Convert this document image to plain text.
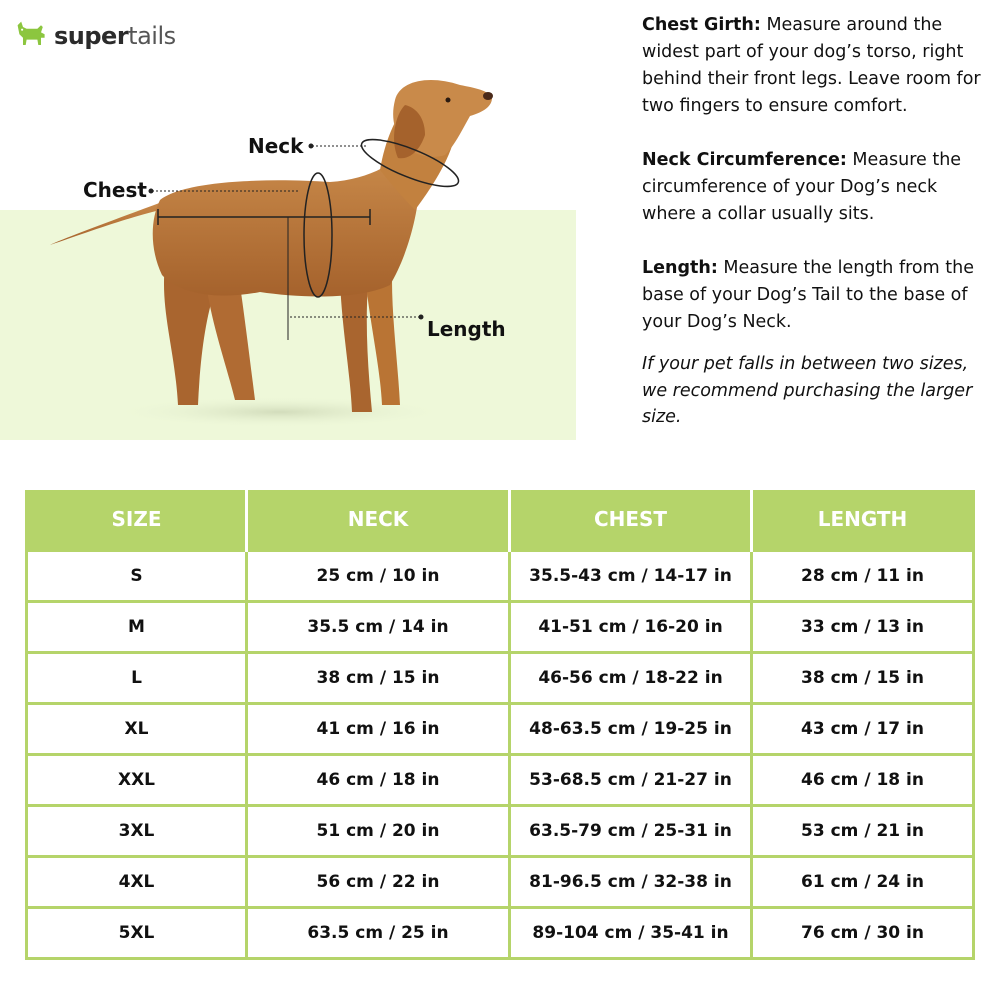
supertails
Neck
Chest
Length

Chest Girth: Measure around the widest part of your dog’s torso, right behind their front legs. Leave room for two fingers to ensure comfort.

Neck Circumference: Measure the circumference of your Dog’s neck where a collar usually sits.

Length: Measure the length from the base of your Dog’s Tail to the base of your Dog’s Neck.

If your pet falls in between two sizes, we recommend purchasing the larger size.

SIZE	NECK	CHEST	LENGTH
S	25 cm / 10 in	35.5-43 cm / 14-17 in	28 cm / 11 in
M	35.5 cm / 14 in	41-51 cm / 16-20 in	33 cm / 13 in
L	38 cm / 15 in	46-56 cm / 18-22 in	38 cm / 15 in
XL	41 cm / 16 in	48-63.5 cm / 19-25 in	43 cm / 17 in
XXL	46 cm / 18 in	53-68.5 cm / 21-27 in	46 cm / 18 in
3XL	51 cm / 20 in	63.5-79 cm / 25-31 in	53 cm / 21 in
4XL	56 cm / 22 in	81-96.5 cm / 32-38 in	61 cm / 24 in
5XL	63.5 cm / 25 in	89-104 cm / 35-41 in	76 cm / 30 in
